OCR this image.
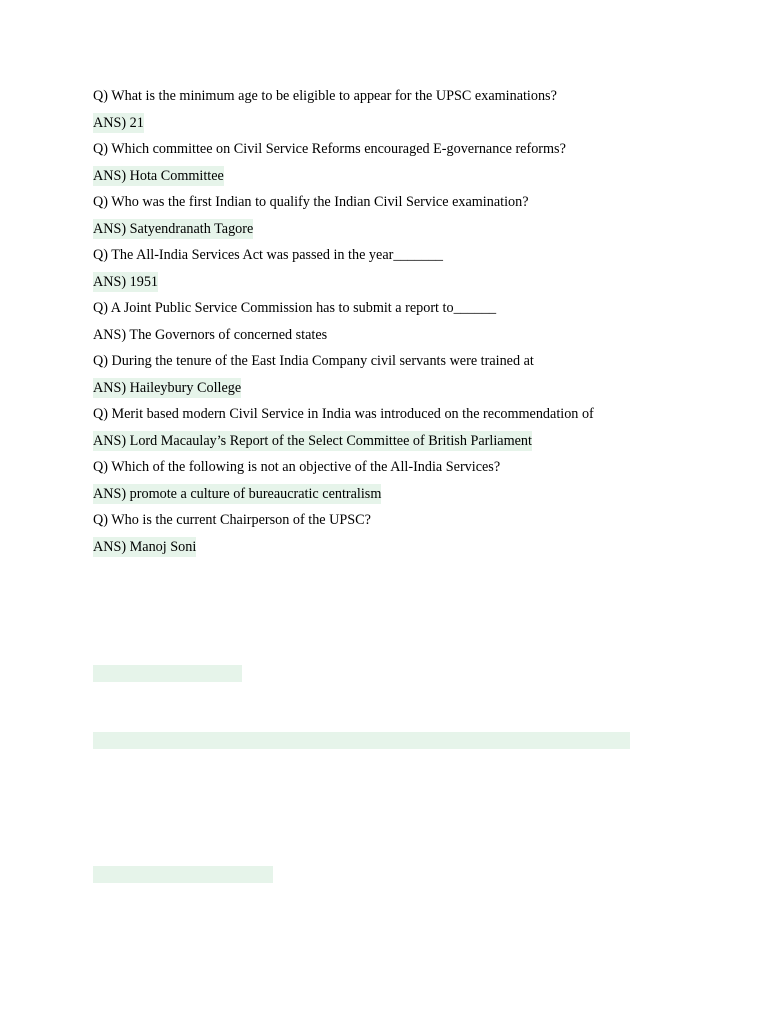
Q) What is the minimum age to be eligible to appear for the UPSC examinations?
ANS) 21
Q) Which committee on Civil Service Reforms encouraged E-governance reforms?
ANS) Hota Committee
Q) Who was the first Indian to qualify the Indian Civil Service examination?
ANS) Satyendranath Tagore
Q) The All-India Services Act was passed in the year_______
ANS) 1951
Q) A Joint Public Service Commission has to submit a report to______
ANS) The Governors of concerned states
Q) During the tenure of the East India Company civil servants were trained at
ANS) Haileybury College
Q) Merit based modern Civil Service in India was introduced on the recommendation of
ANS) Lord Macaulay’s Report of the Select Committee of British Parliament
Q) Which of the following is not an objective of the All-India Services?
ANS) promote a culture of bureaucratic centralism
Q) Who is the current Chairperson of the UPSC?
ANS) Manoj Soni
